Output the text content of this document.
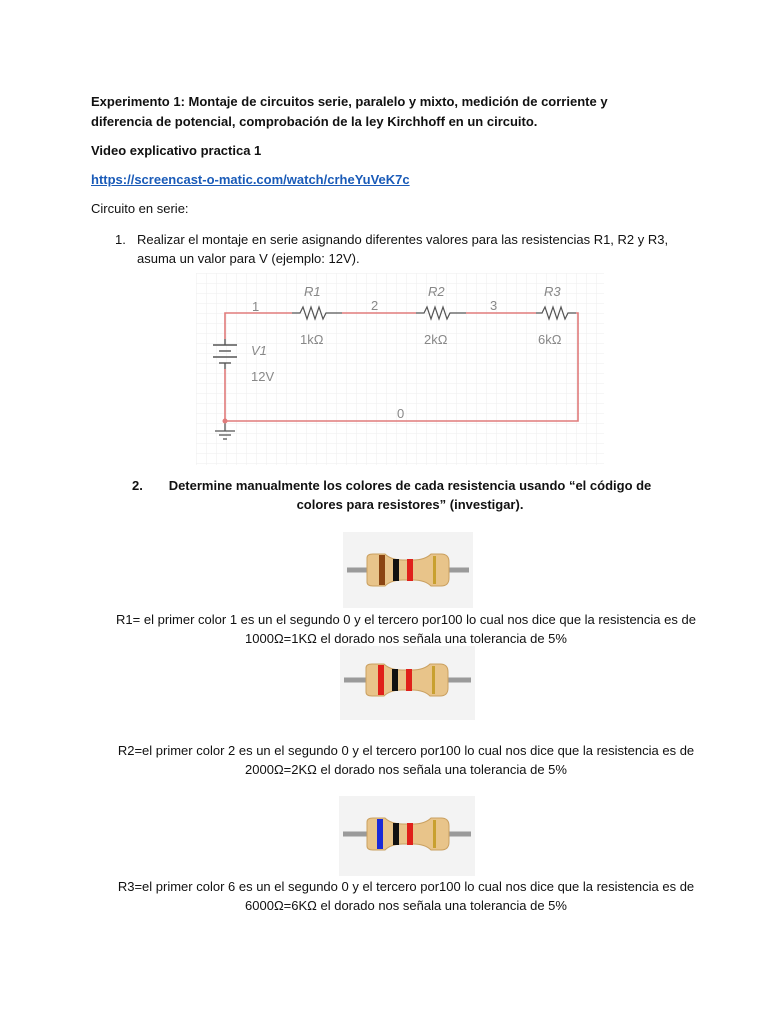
Experimento 1: Montaje de circuitos serie, paralelo y mixto, medición de corriente y diferencia de potencial, comprobación de la ley Kirchhoff en un circuito.
Video explicativo practica 1
https://screencast-o-matic.com/watch/crheYuVeK7c
Circuito en serie:
1. Realizar el montaje en serie asignando diferentes valores para las resistencias R1, R2 y R3, asuma un valor para V (ejemplo: 12V).
1	2	3
0
R1	R2	R3
1kΩ	2kΩ	6kΩ
V1
12V
2.	Determine manualmente los colores de cada resistencia usando “el código de colores para resistores” (investigar).
R1= el primer color 1 es un el segundo 0 y el tercero por100 lo cual nos dice que la resistencia es de 1000Ω=1KΩ el dorado nos señala una tolerancia de 5%
R2=el primer color 2 es un el segundo 0 y el tercero por100 lo cual nos dice que la resistencia es de 2000Ω=2KΩ el dorado nos señala una tolerancia de 5%
R3=el primer color 6 es un el segundo 0 y el tercero por100 lo cual nos dice que la resistencia es de 6000Ω=6KΩ el dorado nos señala una tolerancia de 5%
